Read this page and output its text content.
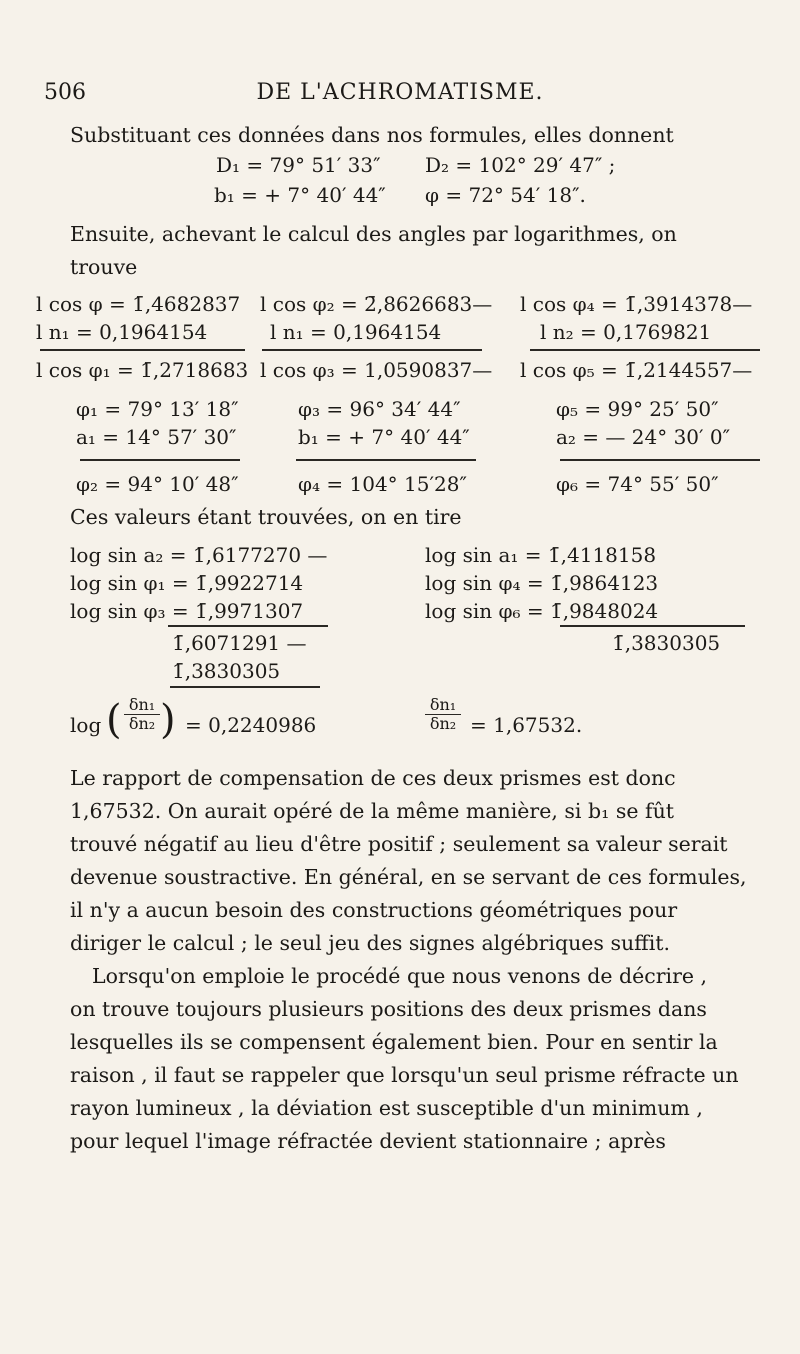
506	DE L'ACHROMATISME.
Substituant ces données dans nos formules, elles donnent
D₁ = 79° 51′ 33″ D₂ = 102° 29′ 47″ ;
b₁ = + 7° 40′ 44″ φ = 72° 54′ 18″.
Ensuite, achevant le calcul des angles par logarithmes, on
trouve
l cos φ = 1̄,4682837
l n₁ = 0,1964154
l cos φ₁ = 1̄,2718683
φ₁ = 79° 13′ 18″
a₁ = 14° 57′ 30″
φ₂ = 94° 10′ 48″
l cos φ₂ = 2̄,8626683—
l n₁ = 0,1964154
l cos φ₃ = 1,0590837—
φ₃ = 96° 34′ 44″
b₁ = + 7° 40′ 44″
φ₄ = 104° 15′28″
l cos φ₄ = 1̄,3914378—
l n₂ = 0,1769821
l cos φ₅ = 1̄,2144557—
φ₅ = 99° 25′ 50″
a₂ = — 24° 30′ 0″
φ₆ = 74° 55′ 50″
Ces valeurs étant trouvées, on en tire
log sin a₂ = 1̄,6177270 —
log sin φ₁ = 1̄,9922714
log sin φ₃ = 1̄,9971307
1̄,6071291 —
1̄,3830305
log sin a₁ = 1̄,4118158
log sin φ₄ = 1̄,9864123
log sin φ₆ = 1̄,9848024
1̄,3830305
log ( δn₁
δn₂ ) = 0,2240986
δn₁
δn₂ = 1,67532.
Le rapport de compensation de ces deux prismes est donc
1,67532. On aurait opéré de la même manière, si b₁ se fût
trouvé négatif au lieu d'être positif ; seulement sa valeur serait
devenue soustractive. En général, en se servant de ces formules,
il n'y a aucun besoin des constructions géométriques pour
diriger le calcul ; le seul jeu des signes algébriques suffit.
Lorsqu'on emploie le procédé que nous venons de décrire ,
on trouve toujours plusieurs positions des deux prismes dans
lesquelles ils se compensent également bien. Pour en sentir la
raison , il faut se rappeler que lorsqu'un seul prisme réfracte un
rayon lumineux , la déviation est susceptible d'un minimum ,
pour lequel l'image réfractée devient stationnaire ; après
